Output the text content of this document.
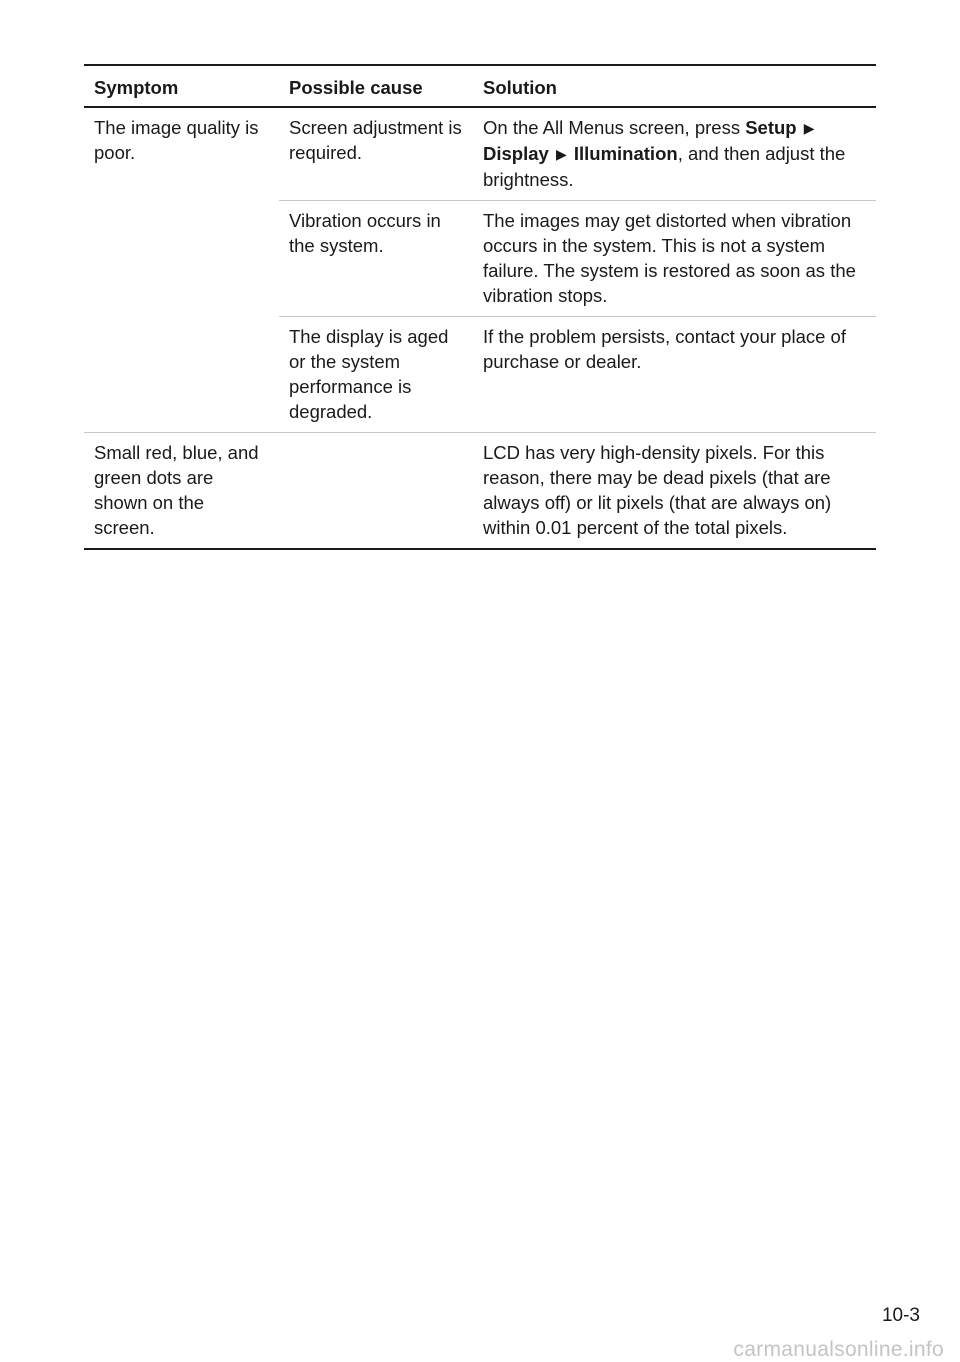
Symptom	Possible cause	Solution
The image quality is poor.	Screen adjustment is required.	On the All Menus screen, press Setup ▶ Display ▶ Illumination, and then adjust the brightness.
	Vibration occurs in the system.	The images may get distorted when vibration occurs in the system. This is not a system failure. The system is restored as soon as the vibration stops.
	The display is aged or the system performance is degraded.	If the problem persists, contact your place of purchase or dealer.
Small red, blue, and green dots are shown on the screen.		LCD has very high-density pixels. For this reason, there may be dead pixels (that are always off) or lit pixels (that are always on) within 0.01 percent of the total pixels.
10-3
carmanualsonline.info
